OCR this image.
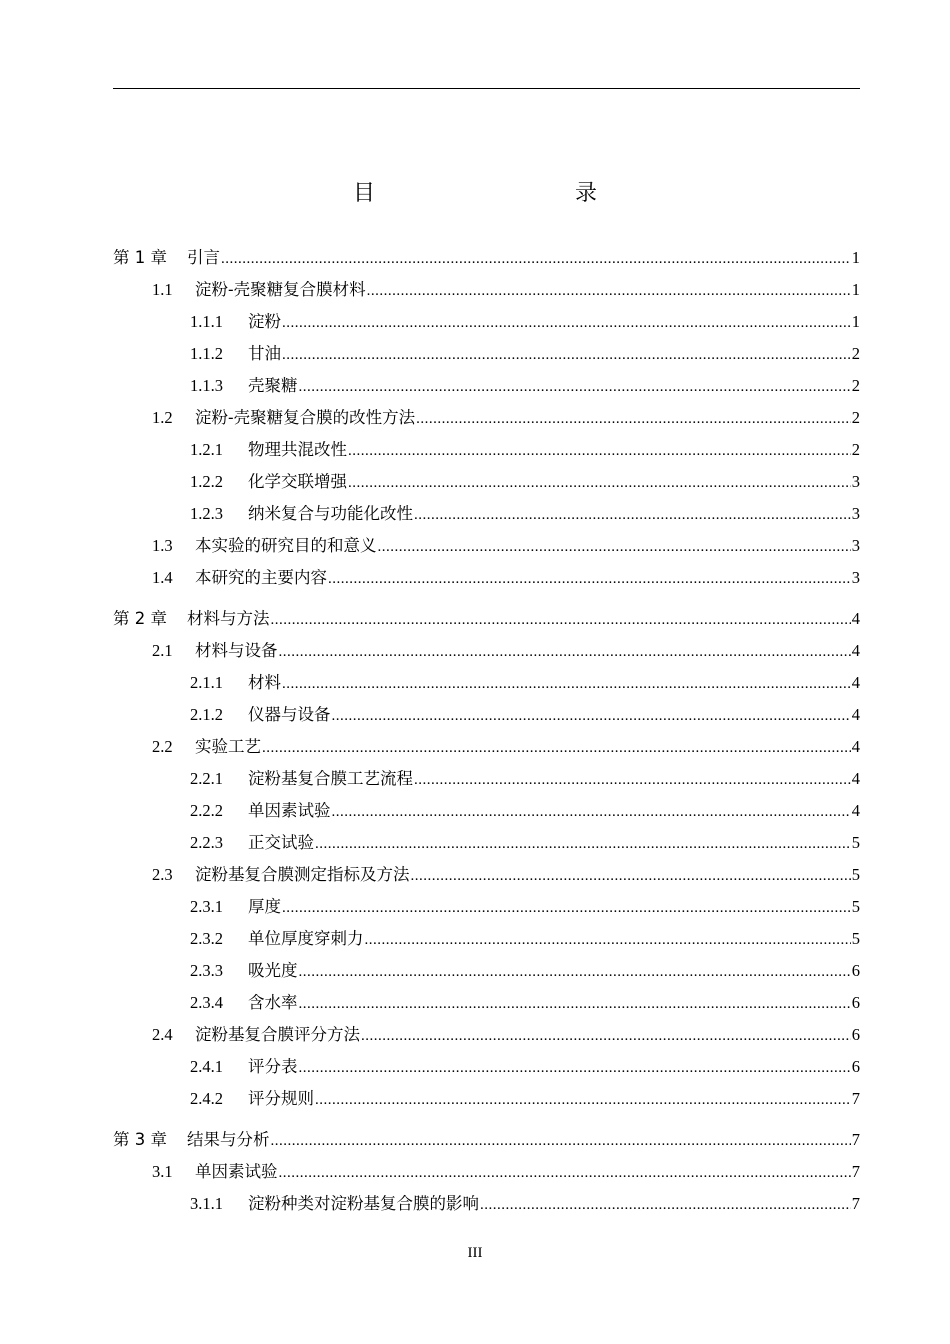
目　　录
第 1 章	引言 .....	1
1.1	淀粉-壳聚糖复合膜材料 .....	1
1.1.1	淀粉 .....	1
1.1.2	甘油 .....	2
1.1.3	壳聚糖 .....	2
1.2	淀粉-壳聚糖复合膜的改性方法 .....	2
1.2.1	物理共混改性 .....	2
1.2.2	化学交联增强 .....	3
1.2.3	纳米复合与功能化改性 .....	3
1.3	本实验的研究目的和意义 .....	3
1.4	本研究的主要内容 .....	3
第 2 章	材料与方法 .....	4
2.1	材料与设备 .....	4
2.1.1	材料 .....	4
2.1.2	仪器与设备 .....	4
2.2	实验工艺 .....	4
2.2.1	淀粉基复合膜工艺流程 .....	4
2.2.2	单因素试验 .....	4
2.2.3	正交试验 .....	5
2.3	淀粉基复合膜测定指标及方法 .....	5
2.3.1	厚度 .....	5
2.3.2	单位厚度穿刺力 .....	5
2.3.3	吸光度 .....	6
2.3.4	含水率 .....	6
2.4	淀粉基复合膜评分方法 .....	6
2.4.1	评分表 .....	6
2.4.2	评分规则 .....	7
第 3 章	结果与分析 .....	7
3.1	单因素试验 .....	7
3.1.1	淀粉种类对淀粉基复合膜的影响 .....	7
III
